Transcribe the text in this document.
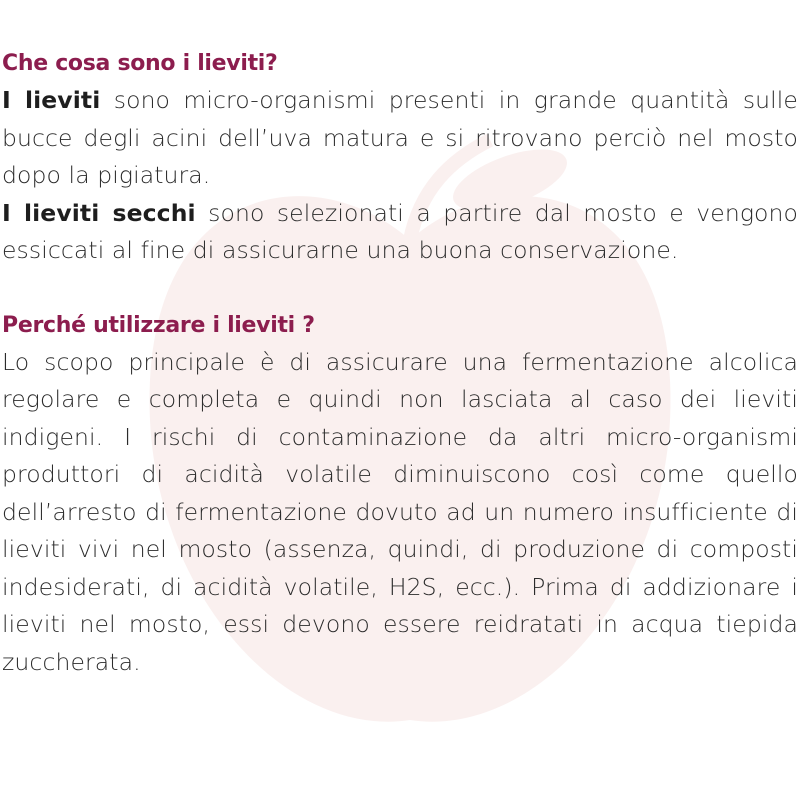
Che cosa sono i lieviti?

I lieviti sono micro-organismi presenti in grande quantità sulle bucce degli acini dell’uva matura e si ritrovano perciò nel mosto dopo la pigiatura.

I lieviti secchi sono selezionati a partire dal mosto e vengono essiccati al fine di assicurarne una buona conservazione.

Perché utilizzare i lieviti ?

Lo scopo principale è di assicurare una fermentazione alcolica regolare e completa e quindi non lasciata al caso dei lieviti indigeni. I rischi di contaminazione da altri micro-organismi produttori di acidità volatile diminuiscono così come quello dell’arresto di fermentazione dovuto ad un numero insufficiente di lieviti vivi nel mosto (assenza, quindi, di produzione di composti indesiderati, di acidità volatile, H2S, ecc.). Prima di addizionare i lieviti nel mosto, essi devono essere reidratati in acqua tiepida zuccherata.
